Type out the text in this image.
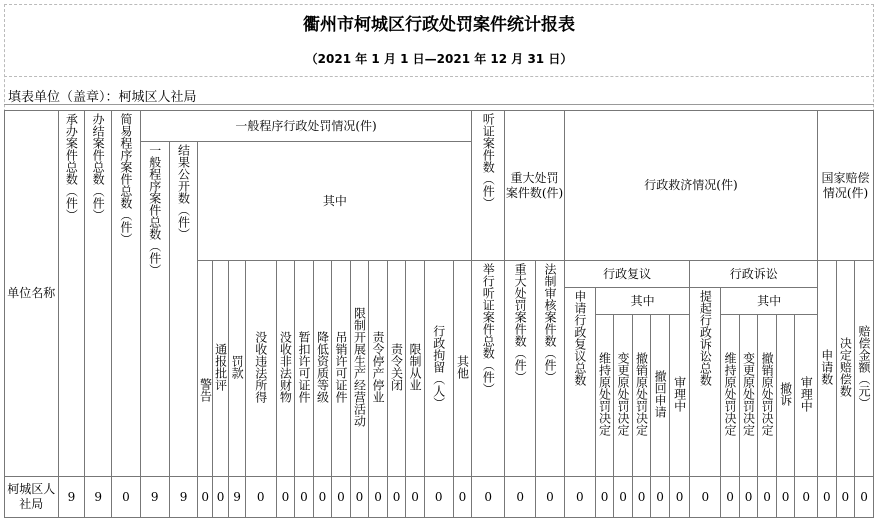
衢州市柯城区行政处罚案件统计报表
（2021 年 1 月 1 日—2021 年 12 月 31 日）
填表单位（盖章）：柯城区人社局
单位名称	承办案件总数（件）	办结案件总数（件）	简易程序案件总数（件）	一般程序行政处罚情况(件)																听证案件数（件）	重大处罚案件数(件)		行政救济情况(件)												国家赔偿情况(件)		
				一般程序案件总数（件）	结果公开数（件）	其中																															
						警告	通报批评	罚款	没收违法所得	没收非法财物	暂扣许可证件	降低资质等级	吊销许可证件	限制开展生产经营活动	责令停产停业	责令关闭	限制从业	行政拘留（人）	其他	举行听证案件总数（件）	重大处罚案件数（件）	法制审核案件数（件）	行政复议						行政诉讼						申请数	决定赔偿数	赔偿金额（元）
																							申请行政复议总数	其中					提起行政诉讼总数	其中							
																								维持原处罚决定	变更原处罚决定	撤销原处罚决定	撤回申请	审理中		维持原处罚决定	变更原处罚决定	撤销原处罚决定	撤诉	审理中			
柯城区人社局	9	9	0	9	9	0	0	9	0	0	0	0	0	0	0	0	0	0	0	0	0	0	0	0	0	0	0	0	0	0	0	0	0	0	0	0	0
